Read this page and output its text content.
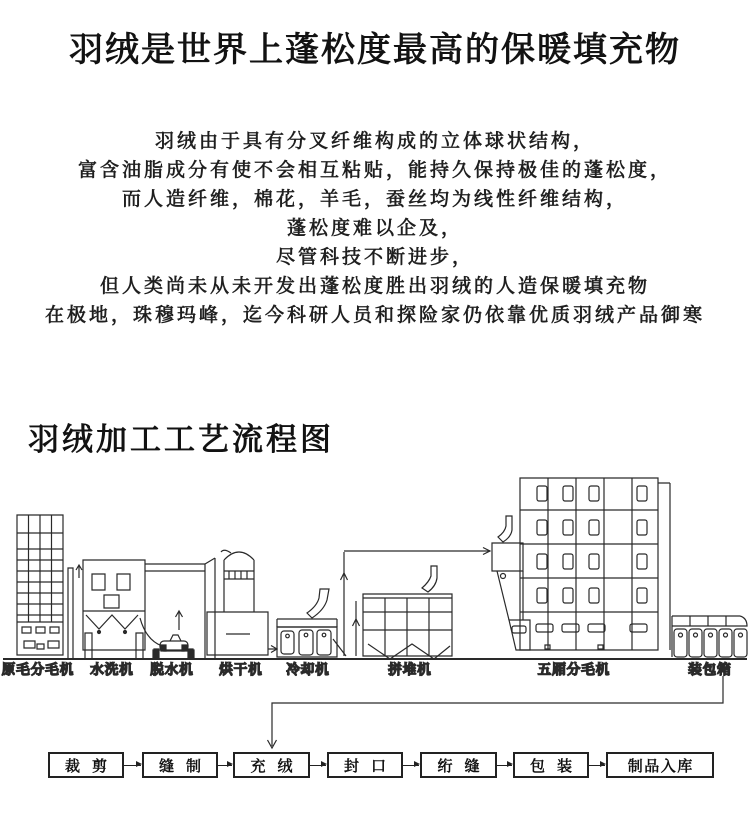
羽绒是世界上蓬松度最高的保暖填充物
羽绒由于具有分叉纤维构成的立体球状结构，
富含油脂成分有使不会相互粘贴，能持久保持极佳的蓬松度，
而人造纤维，棉花，羊毛，蚕丝均为线性纤维结构，
蓬松度难以企及，
尽管科技不断进步，
但人类尚未从未开发出蓬松度胜出羽绒的人造保暖填充物
在极地，珠穆玛峰，迄今科研人员和探险家仍依靠优质羽绒产品御寒
羽绒加工工艺流程图
原毛分毛机 水洗机 脱水机 烘干机 冷却机	拼堆机	五厢分毛机	装包箱
裁剪	缝制	充绒	封口	绗缝	包装	制品入库
